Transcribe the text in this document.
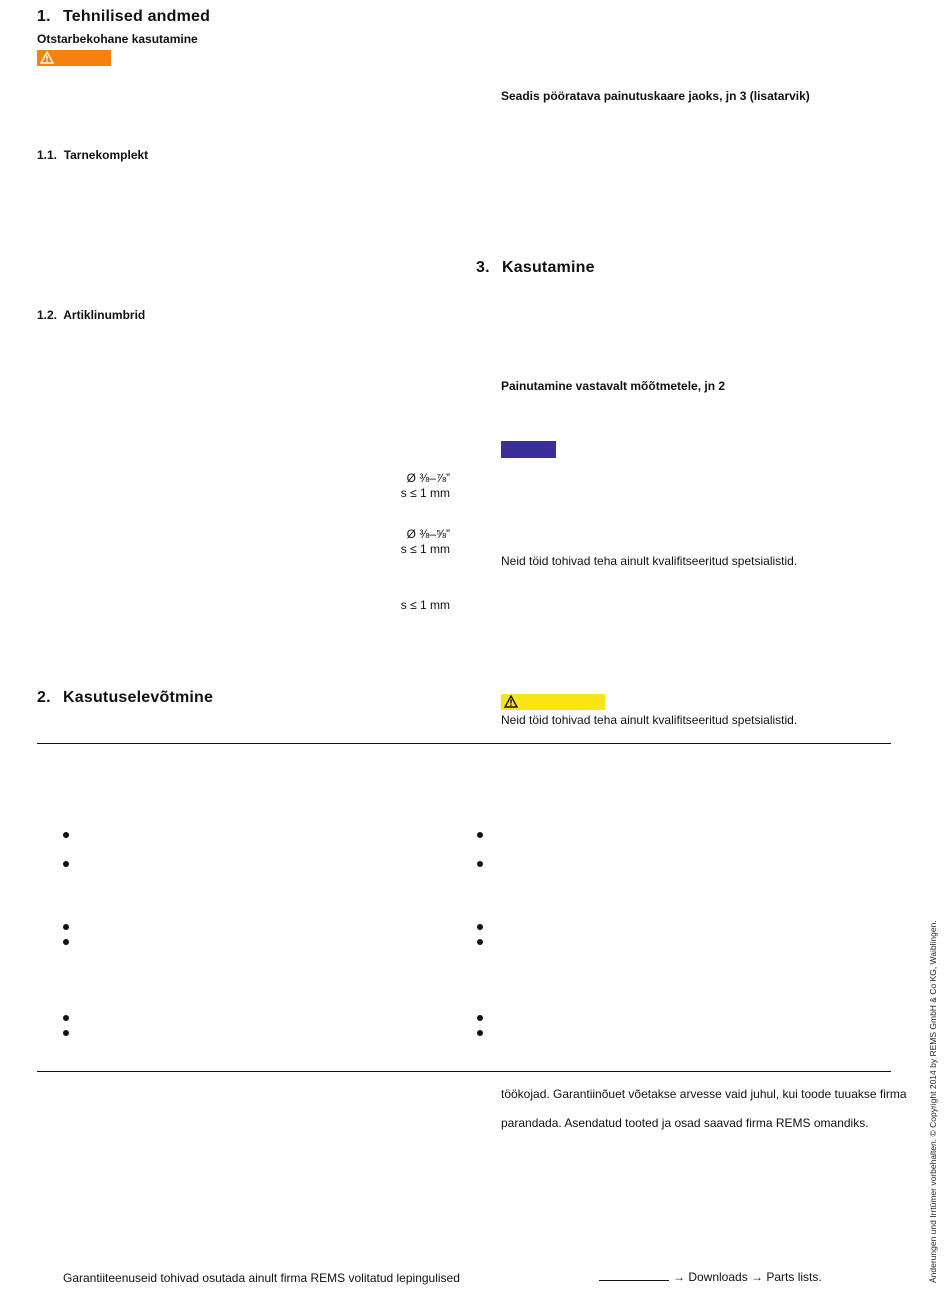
1. Tehnilised andmed
Otstarbekohane kasutamine
Seadis pööratava painutuskaare jaoks, jn 3 (lisatarvik)
1.1. Tarnekomplekt
3. Kasutamine
1.2. Artiklinumbrid
Painutamine vastavalt mõõtmetele, jn 2
Ø ⅜–⅞”
s ≤ 1 mm
Ø ⅜–⅝”
s ≤ 1 mm
s ≤ 1 mm
Neid töid tohivad teha ainult kvalifitseeritud spetsialistid.
2. Kasutuselevõtmine
Neid töid tohivad teha ainult kvalifitseeritud spetsialistid.
töökojad. Garantiinõuet võetakse arvesse vaid juhul, kui toode tuuakse firma
parandada. Asendatud tooted ja osad saavad firma REMS omandiks.
Garantiiteenuseid tohivad osutada ainult firma REMS volitatud lepingulised	→ Downloads → Parts lists.	Änderungen und Irrtümer vorbehalten. © Copyright 2014 by REMS GmbH & Co KG, Waiblingen.
